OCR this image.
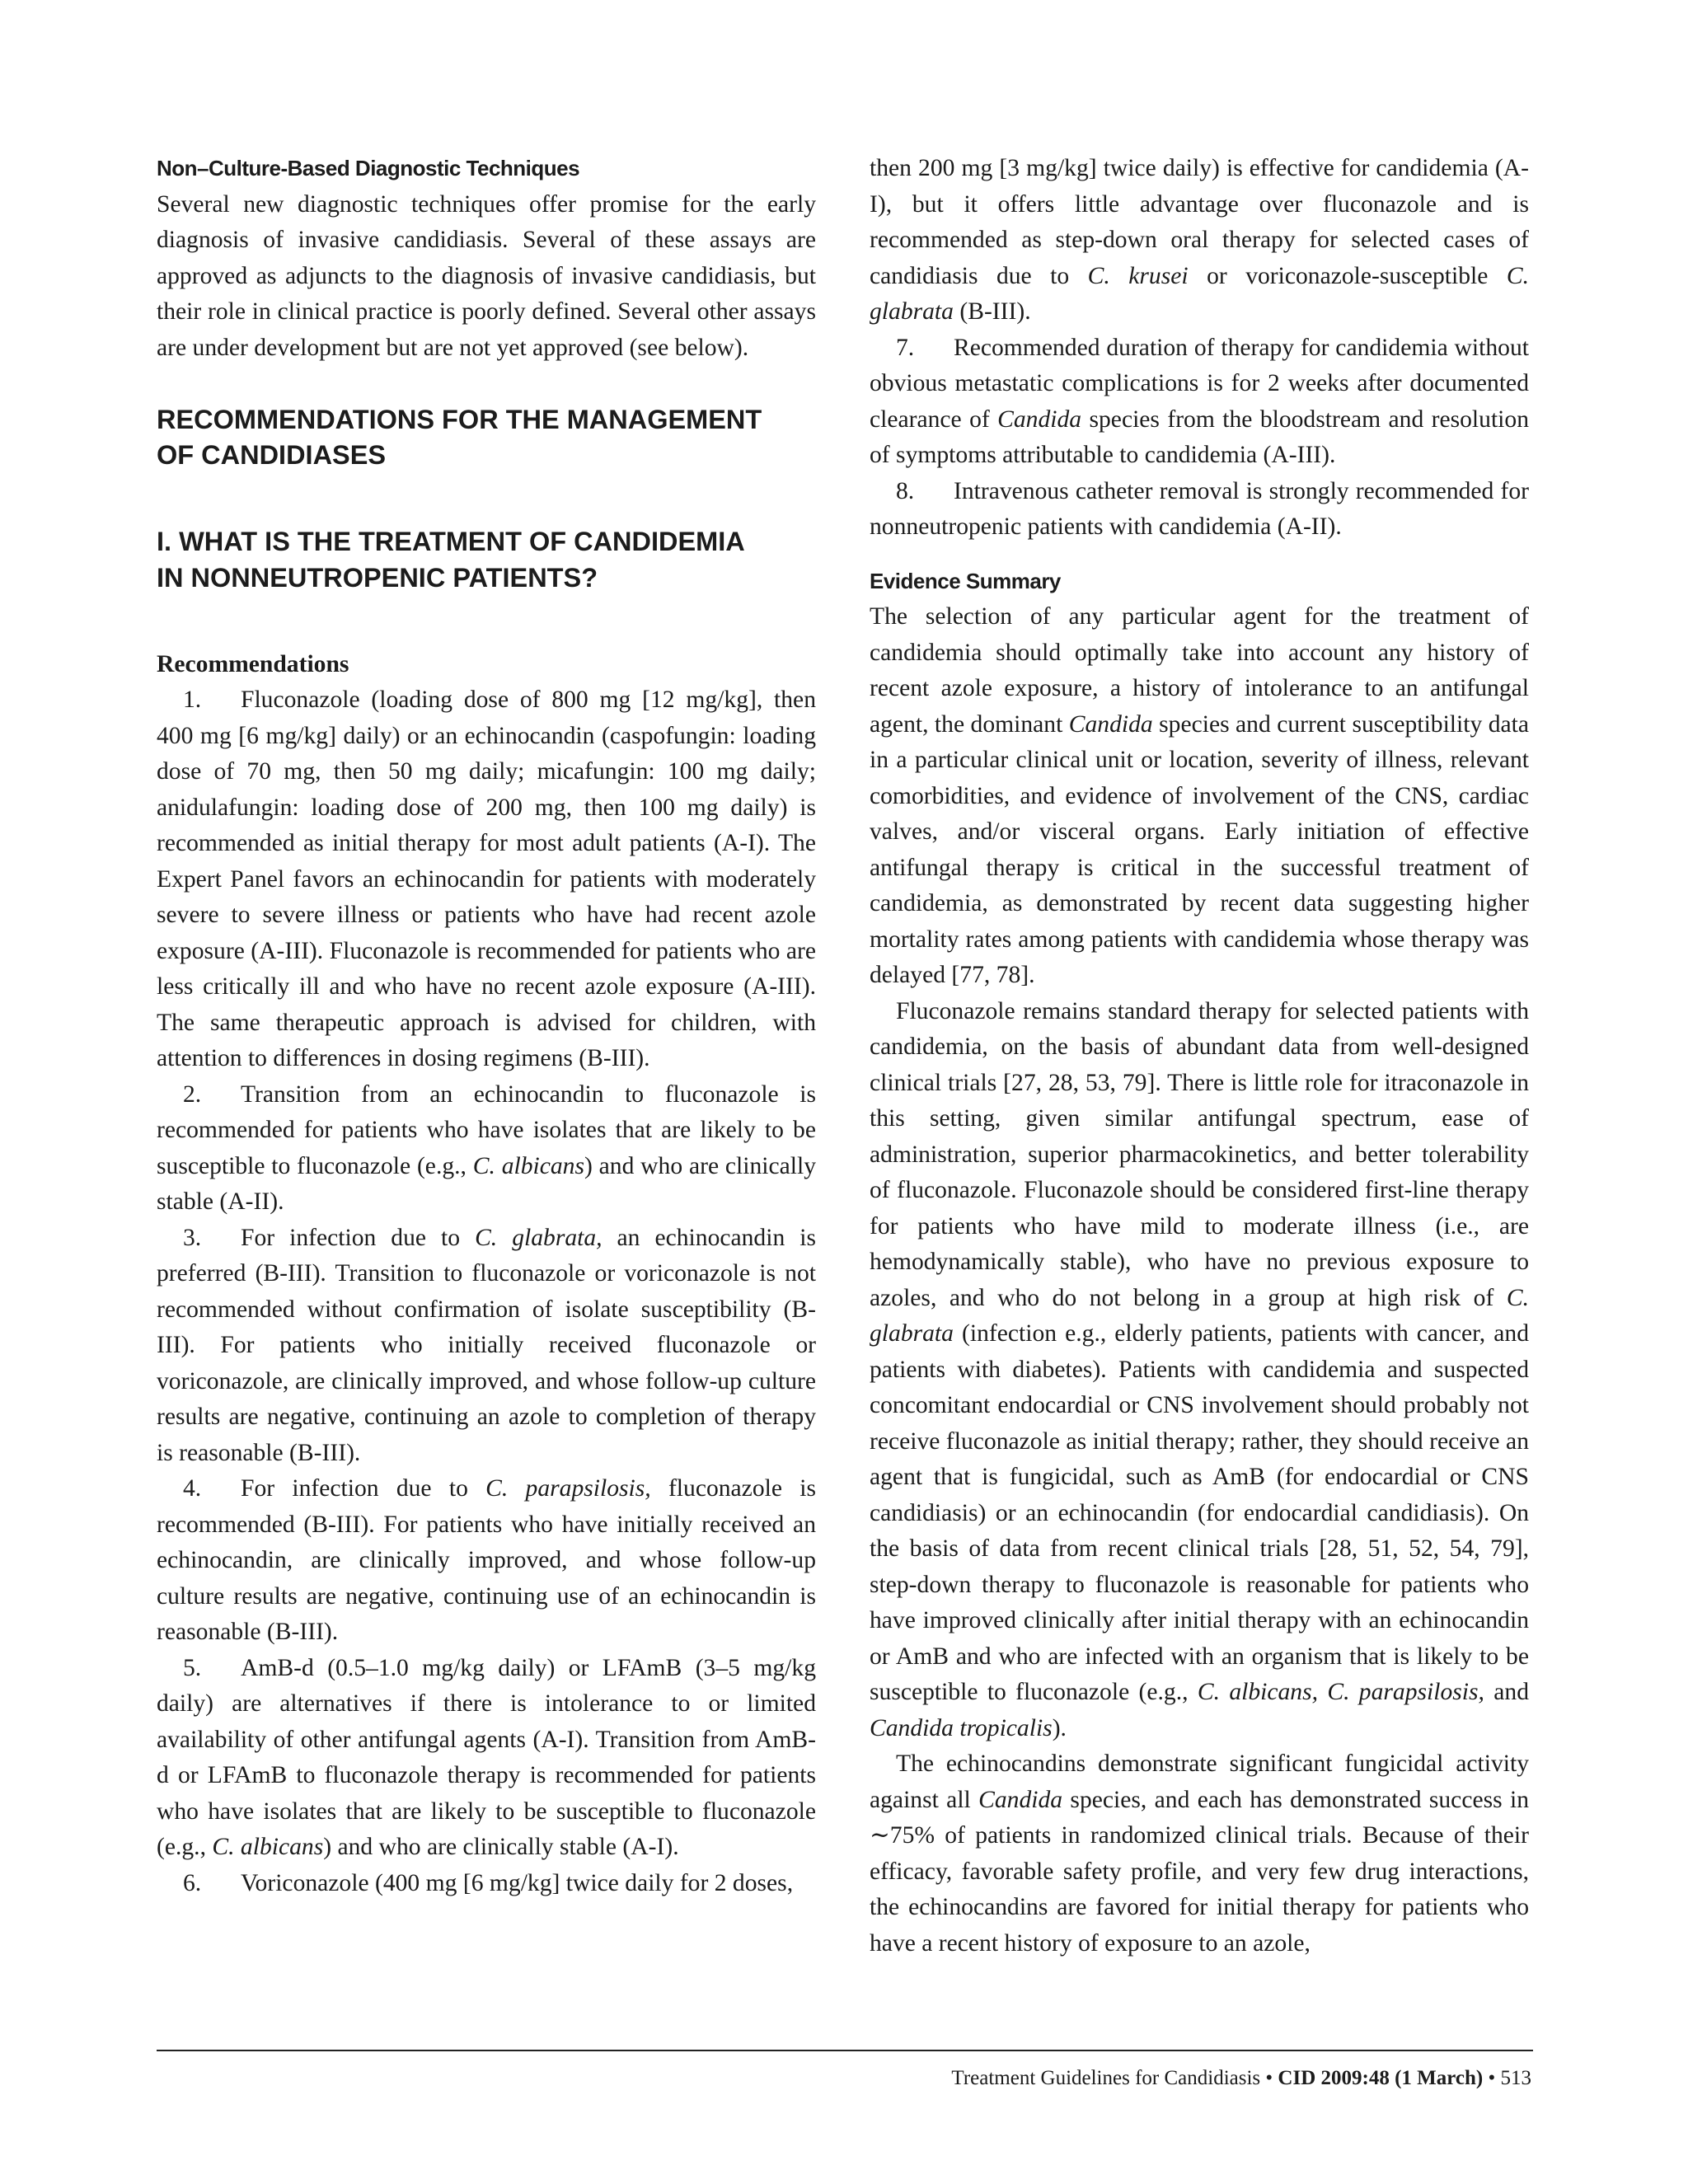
Non–Culture-Based Diagnostic Techniques

Several new diagnostic techniques offer promise for the early diagnosis of invasive candidiasis. Several of these assays are approved as adjuncts to the diagnosis of invasive candidiasis, but their role in clinical practice is poorly defined. Several other assays are under development but are not yet approved (see below).

RECOMMENDATIONS FOR THE MANAGEMENT
OF CANDIDIASES

I. WHAT IS THE TREATMENT OF CANDIDEMIA
IN NONNEUTROPENIC PATIENTS?

Recommendations

1. Fluconazole (loading dose of 800 mg [12 mg/kg], then 400 mg [6 mg/kg] daily) or an echinocandin (caspofungin: loading dose of 70 mg, then 50 mg daily; micafungin: 100 mg daily; anidulafungin: loading dose of 200 mg, then 100 mg daily) is recommended as initial therapy for most adult patients (A-I). The Expert Panel favors an echinocandin for patients with moderately severe to severe illness or patients who have had recent azole exposure (A-III). Fluconazole is recommended for patients who are less critically ill and who have no recent azole exposure (A-III). The same therapeutic approach is advised for children, with attention to differences in dosing regimens (B-III).

2. Transition from an echinocandin to fluconazole is recommended for patients who have isolates that are likely to be susceptible to fluconazole (e.g., C. albicans) and who are clinically stable (A-II).

3. For infection due to C. glabrata, an echinocandin is preferred (B-III). Transition to fluconazole or voriconazole is not recommended without confirmation of isolate susceptibility (B-III). For patients who initially received fluconazole or voriconazole, are clinically improved, and whose follow-up culture results are negative, continuing an azole to completion of therapy is reasonable (B-III).

4. For infection due to C. parapsilosis, fluconazole is recommended (B-III). For patients who have initially received an echinocandin, are clinically improved, and whose follow-up culture results are negative, continuing use of an echinocandin is reasonable (B-III).

5. AmB-d (0.5–1.0 mg/kg daily) or LFAmB (3–5 mg/kg daily) are alternatives if there is intolerance to or limited availability of other antifungal agents (A-I). Transition from AmB-d or LFAmB to fluconazole therapy is recommended for patients who have isolates that are likely to be susceptible to fluconazole (e.g., C. albicans) and who are clinically stable (A-I).

6. Voriconazole (400 mg [6 mg/kg] twice daily for 2 doses,

then 200 mg [3 mg/kg] twice daily) is effective for candidemia (A-I), but it offers little advantage over fluconazole and is recommended as step-down oral therapy for selected cases of candidiasis due to C. krusei or voriconazole-susceptible C. glabrata (B-III).

7. Recommended duration of therapy for candidemia without obvious metastatic complications is for 2 weeks after documented clearance of Candida species from the bloodstream and resolution of symptoms attributable to candidemia (A-III).

8. Intravenous catheter removal is strongly recommended for nonneutropenic patients with candidemia (A-II).

Evidence Summary

The selection of any particular agent for the treatment of candidemia should optimally take into account any history of recent azole exposure, a history of intolerance to an antifungal agent, the dominant Candida species and current susceptibility data in a particular clinical unit or location, severity of illness, relevant comorbidities, and evidence of involvement of the CNS, cardiac valves, and/or visceral organs. Early initiation of effective antifungal therapy is critical in the successful treatment of candidemia, as demonstrated by recent data suggesting higher mortality rates among patients with candidemia whose therapy was delayed [77, 78].

Fluconazole remains standard therapy for selected patients with candidemia, on the basis of abundant data from well-designed clinical trials [27, 28, 53, 79]. There is little role for itraconazole in this setting, given similar antifungal spectrum, ease of administration, superior pharmacokinetics, and better tolerability of fluconazole. Fluconazole should be considered first-line therapy for patients who have mild to moderate illness (i.e., are hemodynamically stable), who have no previous exposure to azoles, and who do not belong in a group at high risk of C. glabrata (infection e.g., elderly patients, patients with cancer, and patients with diabetes). Patients with candidemia and suspected concomitant endocardial or CNS involvement should probably not receive fluconazole as initial therapy; rather, they should receive an agent that is fungicidal, such as AmB (for endocardial or CNS candidiasis) or an echinocandin (for endocardial candidiasis). On the basis of data from recent clinical trials [28, 51, 52, 54, 79], step-down therapy to fluconazole is reasonable for patients who have improved clinically after initial therapy with an echinocandin or AmB and who are infected with an organism that is likely to be susceptible to fluconazole (e.g., C. albicans, C. parapsilosis, and Candida tropicalis).

The echinocandins demonstrate significant fungicidal activity against all Candida species, and each has demonstrated success in ∼75% of patients in randomized clinical trials. Because of their efficacy, favorable safety profile, and very few drug interactions, the echinocandins are favored for initial therapy for patients who have a recent history of exposure to an azole,

Treatment Guidelines for Candidiasis • CID 2009:48 (1 March) • 513
